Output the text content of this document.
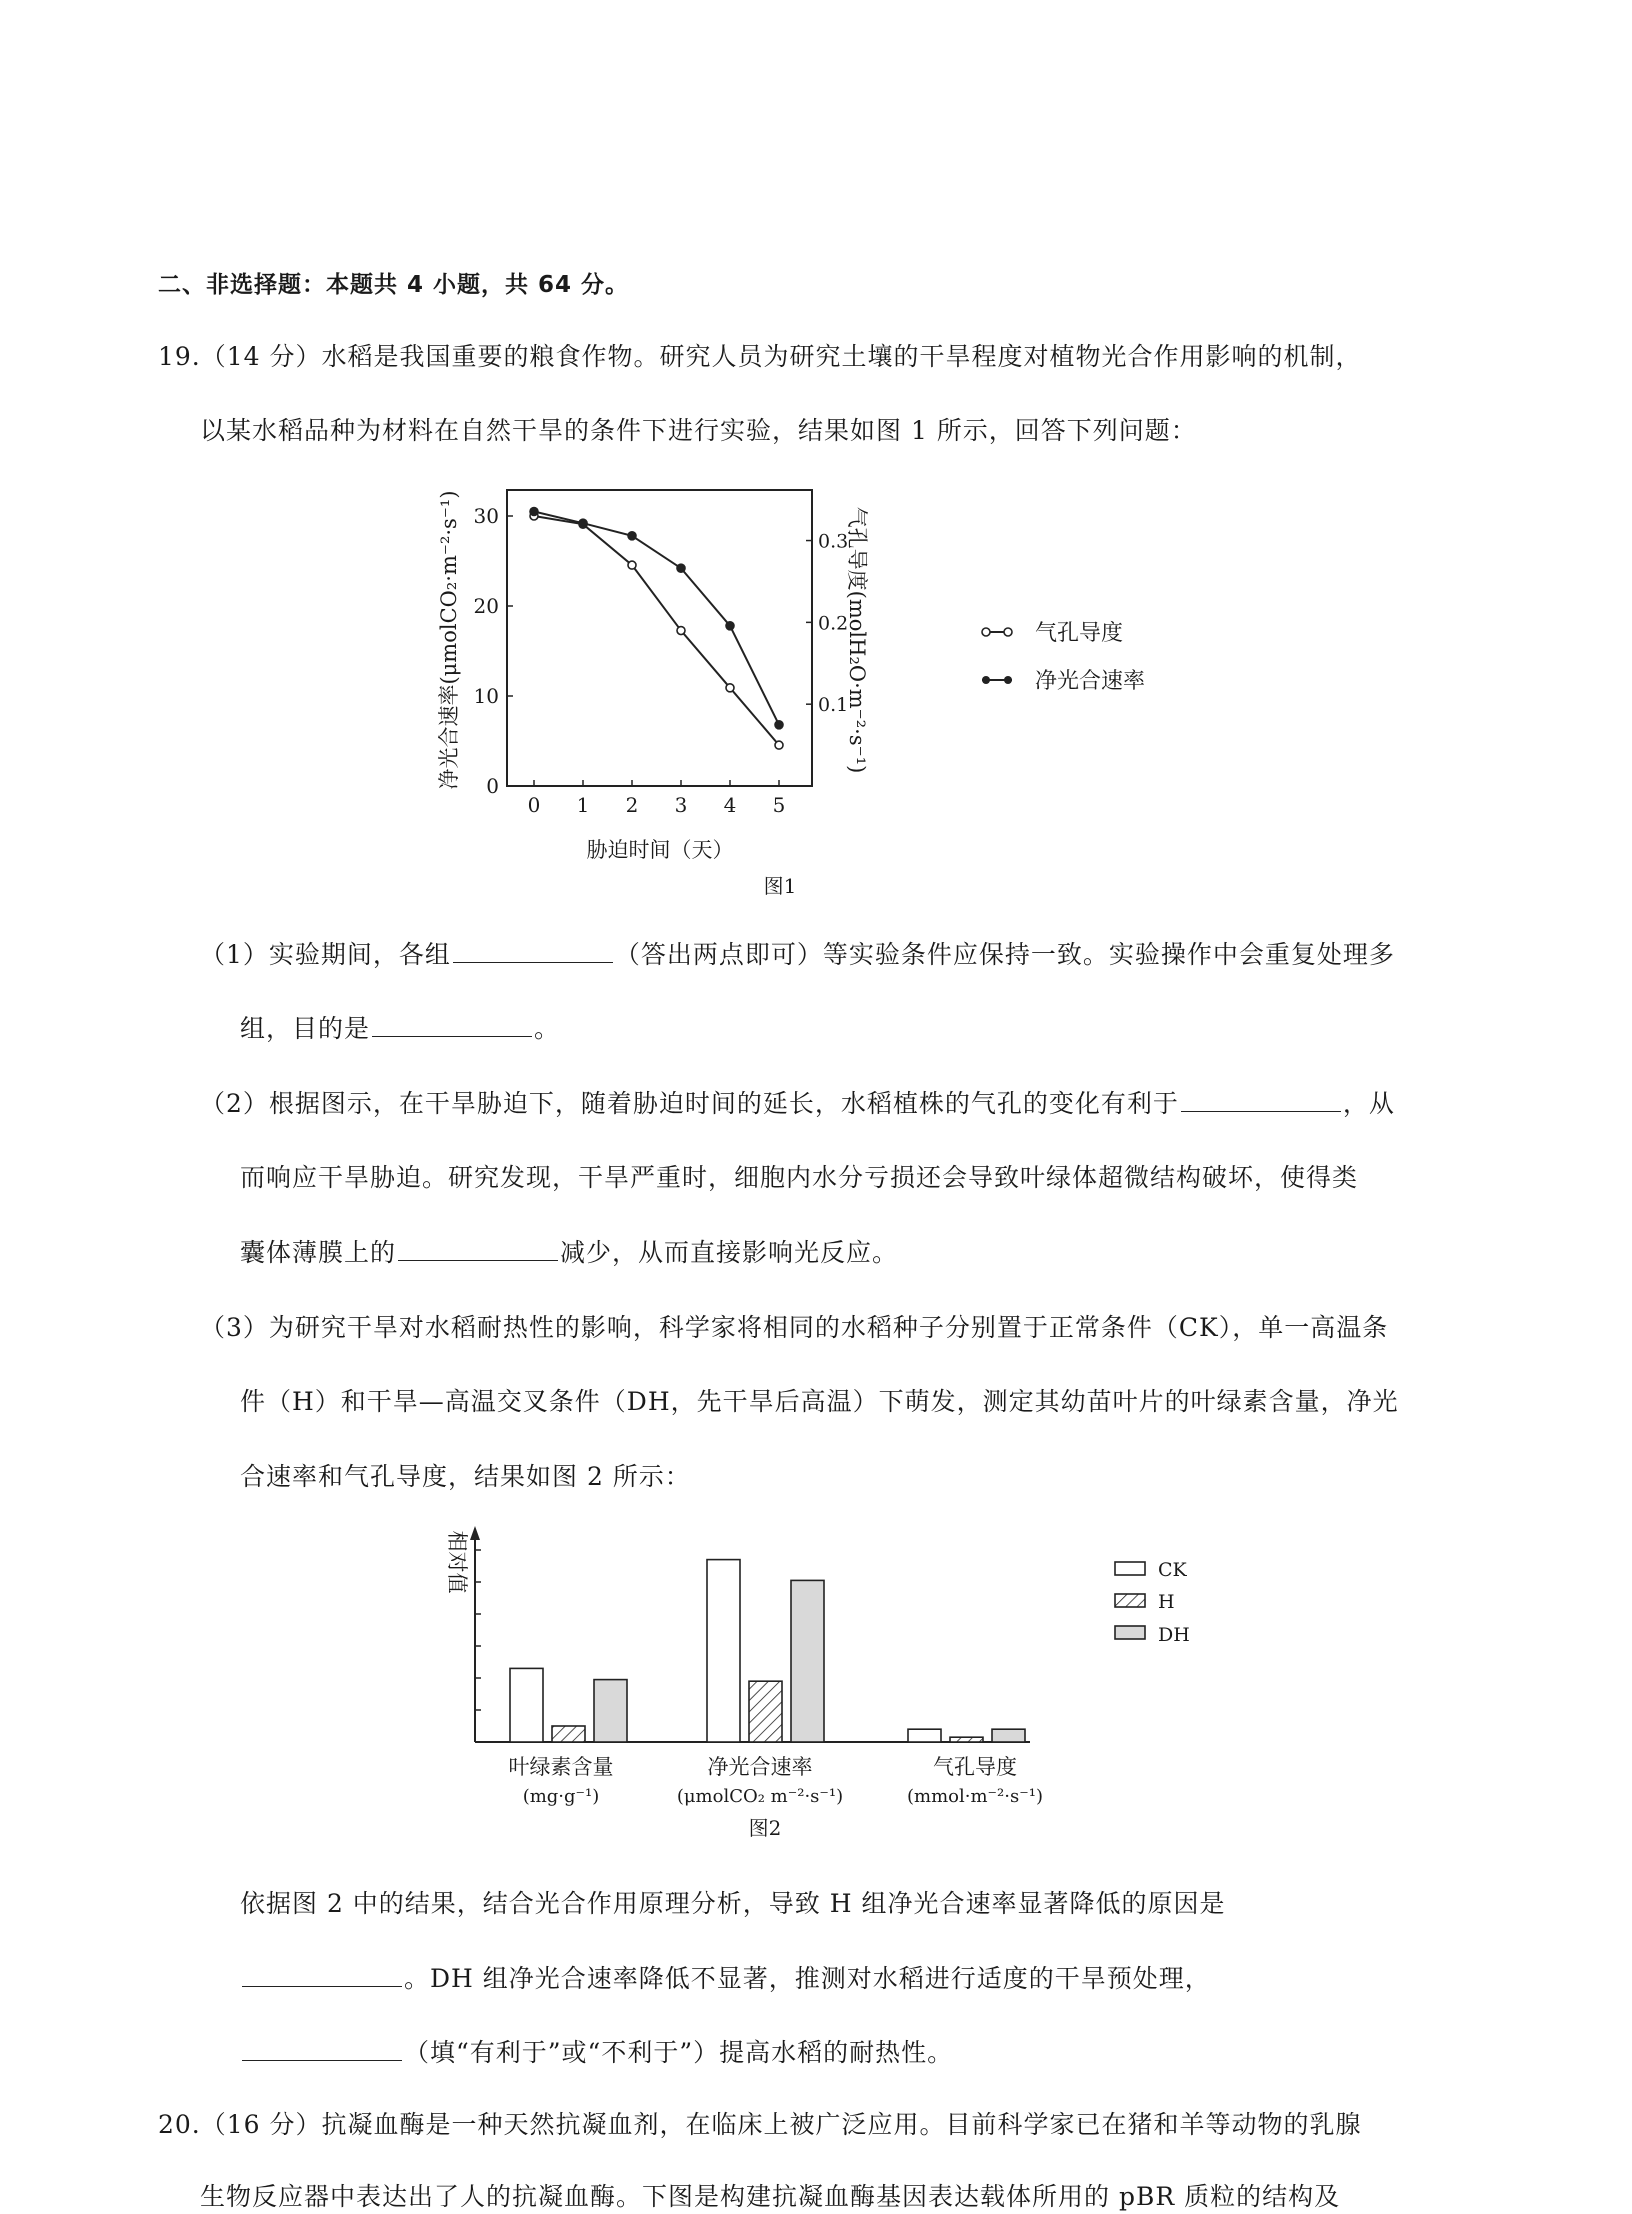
二、非选择题：本题共 4 小题，共 64 分。
19.（14 分）水稻是我国重要的粮食作物。研究人员为研究土壤的干旱程度对植物光合作用影响的机制，
以某水稻品种为材料在自然干旱的条件下进行实验，结果如图 1 所示，回答下列问题：
0 1 2 3 4 5
0
10
20
30
0.1
0.2
0.3
胁迫时间（天）
净光合速率(μmolCO₂·m⁻²·s⁻¹)	气孔导度(molH₂O·m⁻²·s⁻¹)
图1
气孔导度
净光合速率
（1）实验期间，各组	（答出两点即可）等实验条件应保持一致。实验操作中会重复处理多
组，目的是	。
（2）根据图示，在干旱胁迫下，随着胁迫时间的延长，水稻植株的气孔的变化有利于	，从
而响应干旱胁迫。研究发现，干旱严重时，细胞内水分亏损还会导致叶绿体超微结构破坏，使得类
囊体薄膜上的	减少，从而直接影响光反应。
（3）为研究干旱对水稻耐热性的影响，科学家将相同的水稻种子分别置于正常条件（CK），单一高温条
件（H）和干旱—高温交叉条件（DH，先干旱后高温）下萌发，测定其幼苗叶片的叶绿素含量，净光
合速率和气孔导度，结果如图 2 所示：
相对值
叶绿素含量
(mg·g⁻¹)
净光合速率
(μmolCO₂ m⁻²·s⁻¹)
气孔导度
(mmol·m⁻²·s⁻¹)
图2
CK
H
DH
依据图 2 中的结果，结合光合作用原理分析，导致 H 组净光合速率显著降低的原因是
。DH 组净光合速率降低不显著，推测对水稻进行适度的干旱预处理，
（填“有利于”或“不利于”）提高水稻的耐热性。
20.（16 分）抗凝血酶是一种天然抗凝血剂，在临床上被广泛应用。目前科学家已在猪和羊等动物的乳腺
生物反应器中表达出了人的抗凝血酶。下图是构建抗凝血酶基因表达载体所用的 pBR 质粒的结构及
